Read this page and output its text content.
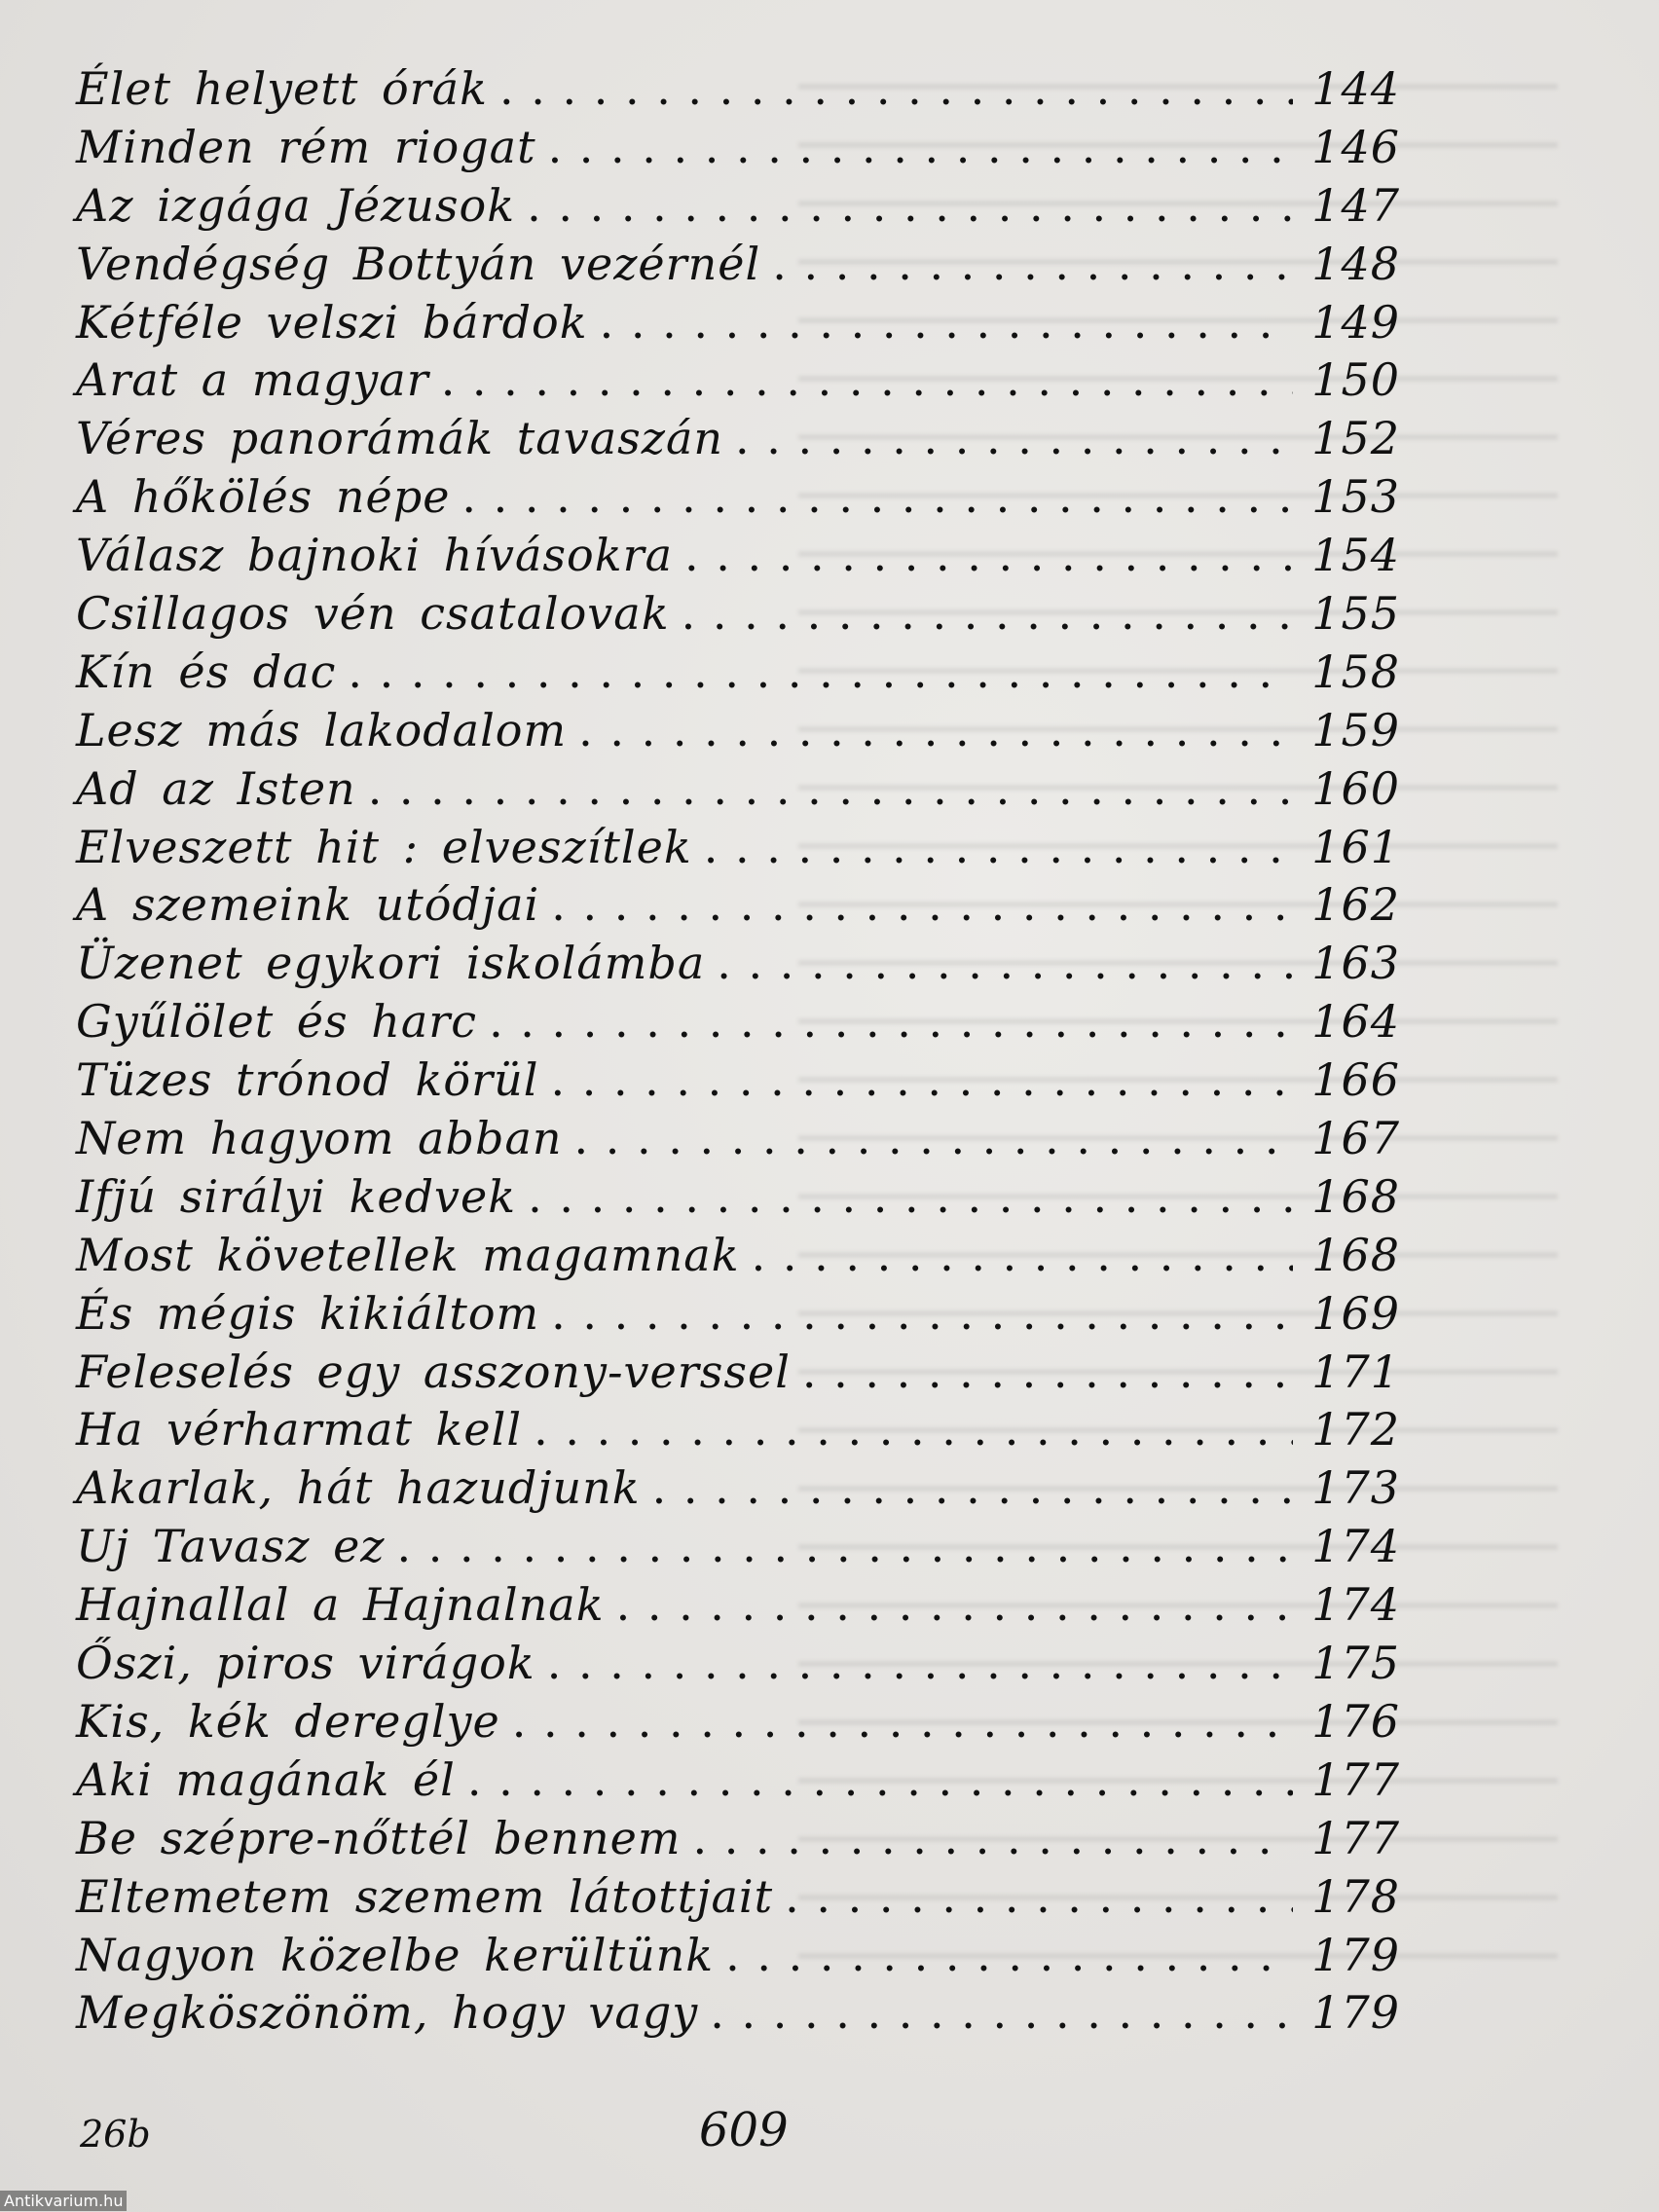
Élet helyett órák . . .	144
Minden rém riogat . . .	146
Az izgága Jézusok . . .	147
Vendégség Bottyán vezérnél . . .	148
Kétféle velszi bárdok . . .	149
Arat a magyar . . .	150
Véres panorámák tavaszán . . .	152
A hőkölés népe . . .	153
Válasz bajnoki hívásokra . . .	154
Csillagos vén csatalovak . . .	155
Kín és dac . . .	158
Lesz más lakodalom . . .	159
Ad az Isten . . .	160
Elveszett hit : elveszítlek . . .	161
A szemeink utódjai . . .	162
Üzenet egykori iskolámba . . .	163
Gyűlölet és harc . . .	164
Tüzes trónod körül . . .	166
Nem hagyom abban . . .	167
Ifjú sirályi kedvek . . .	168
Most követellek magamnak . . .	168
És mégis kikiáltom . . .	169
Feleselés egy asszony-verssel . . .	171
Ha vérharmat kell . . .	172
Akarlak, hát hazudjunk . . .	173
Uj Tavasz ez . . .	174
Hajnallal a Hajnalnak . . .	174
Őszi, piros virágok . . .	175
Kis, kék dereglye . . .	176
Aki magának él . . .	177
Be szépre-nőttél bennem . . .	177
Eltemetem szemem látottjait . . .	178
Nagyon közelbe kerültünk . . .	179
Megköszönöm, hogy vagy . . .	179
26b	609
Antikvarium.hu
